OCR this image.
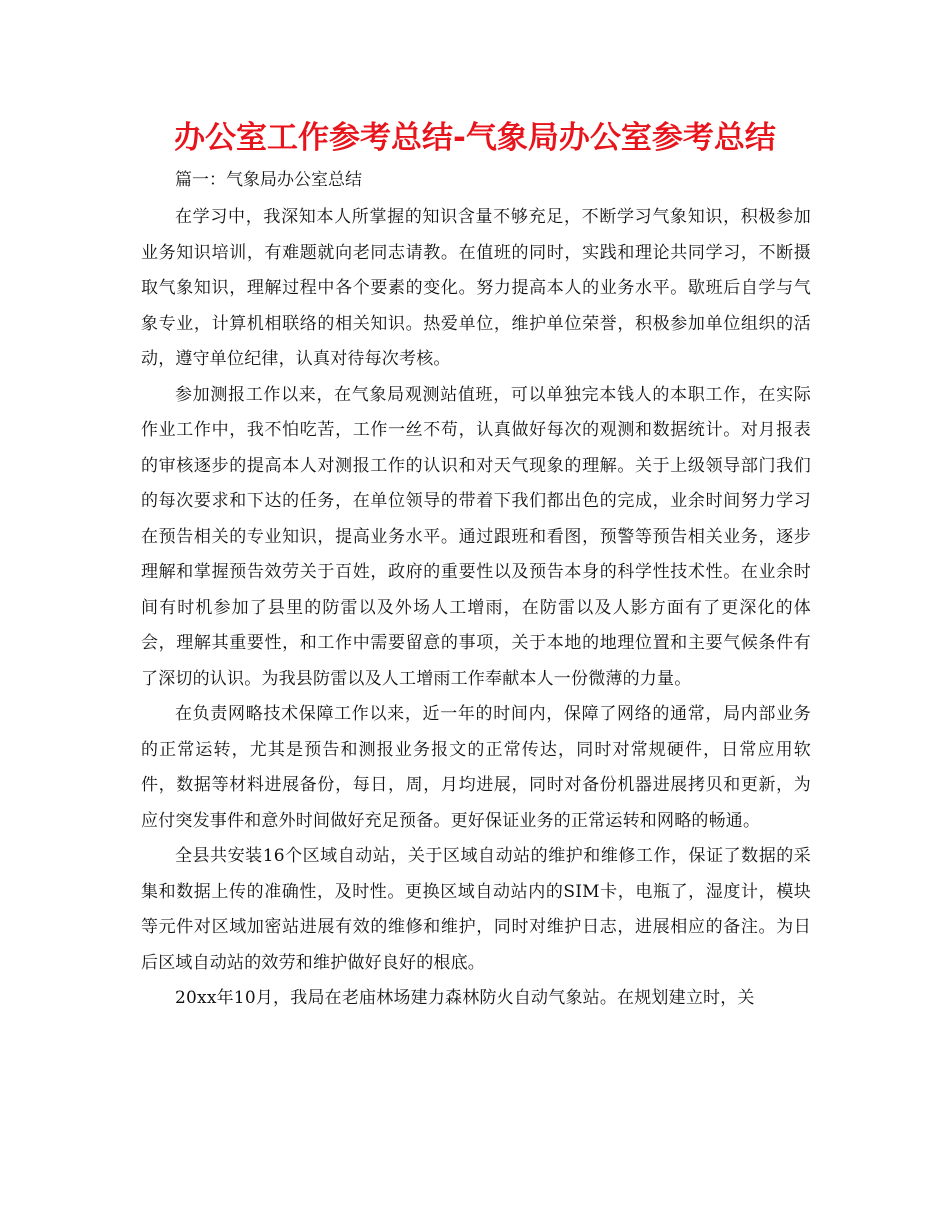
办公室工作参考总结-气象局办公室参考总结

篇一：气象局办公室总结

在学习中，我深知本人所掌握的知识含量不够充足，不断学习气象知识，积极参加业务知识培训，有难题就向老同志请教。在值班的同时，实践和理论共同学习，不断摄取气象知识，理解过程中各个要素的变化。努力提高本人的业务水平。歇班后自学与气象专业，计算机相联络的相关知识。热爱单位，维护单位荣誉，积极参加单位组织的活动，遵守单位纪律，认真对待每次考核。

参加测报工作以来，在气象局观测站值班，可以单独完本钱人的本职工作，在实际作业工作中，我不怕吃苦，工作一丝不苟，认真做好每次的观测和数据统计。对月报表的审核逐步的提高本人对测报工作的认识和对天气现象的理解。关于上级领导部门我们的每次要求和下达的任务，在单位领导的带着下我们都出色的完成，业余时间努力学习在预告相关的专业知识，提高业务水平。通过跟班和看图，预警等预告相关业务，逐步理解和掌握预告效劳关于百姓，政府的重要性以及预告本身的科学性技术性。在业余时间有时机参加了县里的防雷以及外场人工增雨，在防雷以及人影方面有了更深化的体会，理解其重要性，和工作中需要留意的事项，关于本地的地理位置和主要气候条件有了深切的认识。为我县防雷以及人工增雨工作奉献本人一份微薄的力量。

在负责网略技术保障工作以来，近一年的时间内，保障了网络的通常，局内部业务的正常运转，尤其是预告和测报业务报文的正常传达，同时对常规硬件，日常应用软件，数据等材料进展备份，每日，周，月均进展，同时对备份机器进展拷贝和更新，为应付突发事件和意外时间做好充足预备。更好保证业务的正常运转和网略的畅通。

全县共安装16个区域自动站，关于区域自动站的维护和维修工作，保证了数据的采集和数据上传的准确性，及时性。更换区域自动站内的SIM卡，电瓶了，湿度计，模块等元件对区域加密站进展有效的维修和维护，同时对维护日志，进展相应的备注。为日后区域自动站的效劳和维护做好良好的根底。

20xx年10月，我局在老庙林场建力森林防火自动气象站。在规划建立时，关
